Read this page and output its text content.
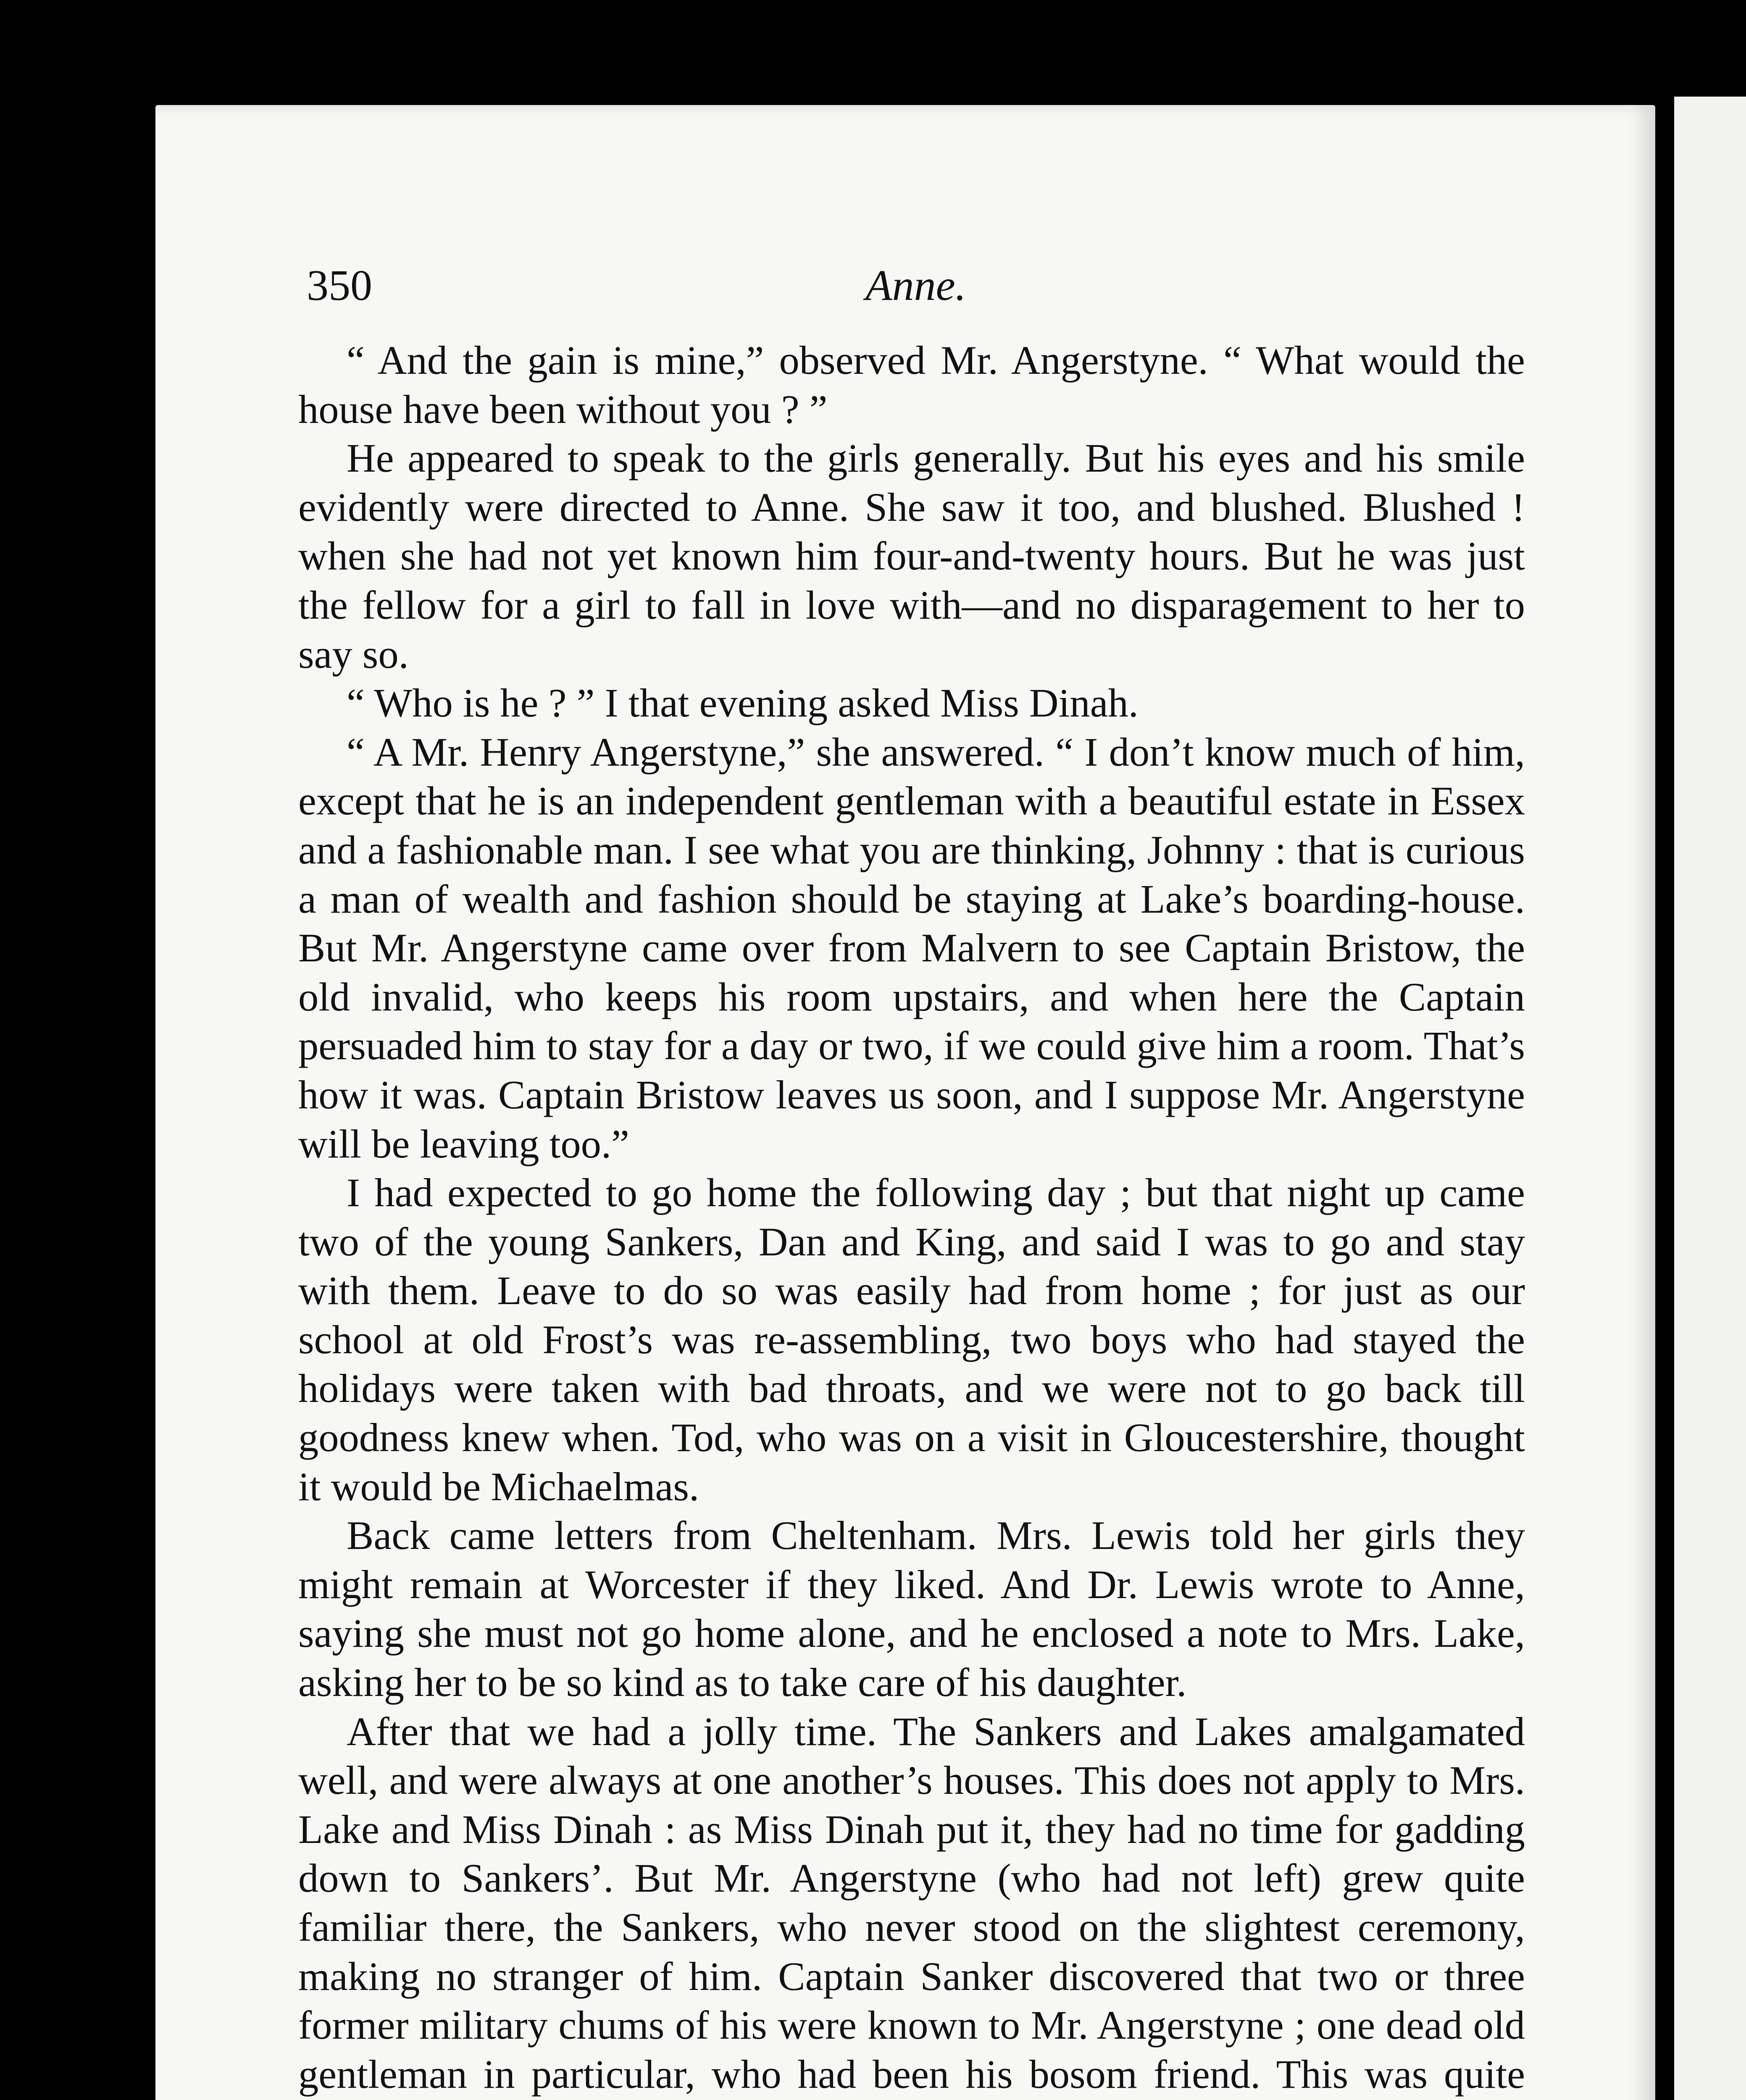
350	Anne.

“ And the gain is mine,” observed Mr. Angerstyne. “ What would the house have been without you ? ”

He appeared to speak to the girls generally. But his eyes and his smile evidently were directed to Anne. She saw it too, and blushed. Blushed ! when she had not yet known him four-and-twenty hours. But he was just the fellow for a girl to fall in love with—and no disparagement to her to say so.

“ Who is he ? ” I that evening asked Miss Dinah.

“ A Mr. Henry Angerstyne,” she answered. “ I don’t know much of him, except that he is an independent gentleman with a beautiful estate in Essex and a fashionable man. I see what you are thinking, Johnny : that is curious a man of wealth and fashion should be staying at Lake’s boarding-house. But Mr. Angerstyne came over from Malvern to see Captain Bristow, the old invalid, who keeps his room upstairs, and when here the Captain persuaded him to stay for a day or two, if we could give him a room. That’s how it was. Captain Bristow leaves us soon, and I suppose Mr. Angerstyne will be leaving too.”

I had expected to go home the following day ; but that night up came two of the young Sankers, Dan and King, and said I was to go and stay with them. Leave to do so was easily had from home ; for just as our school at old Frost’s was re-assembling, two boys who had stayed the holidays were taken with bad throats, and we were not to go back till goodness knew when. Tod, who was on a visit in Gloucestershire, thought it would be Michaelmas.

Back came letters from Cheltenham. Mrs. Lewis told her girls they might remain at Worcester if they liked. And Dr. Lewis wrote to Anne, saying she must not go home alone, and he enclosed a note to Mrs. Lake, asking her to be so kind as to take care of his daughter.

After that we had a jolly time. The Sankers and Lakes amalgamated well, and were always at one another’s houses. This does not apply to Mrs. Lake and Miss Dinah : as Miss Dinah put it, they had no time for gadding down to Sankers’. But Mr. Angerstyne (who had not left) grew quite familiar there, the Sankers, who never stood on the slightest ceremony, making no stranger of him. Captain Sanker discovered that two or three former military chums of his were known to Mr. Angerstyne ; one dead old gentleman in particular, who had been his bosom friend. This was quite
